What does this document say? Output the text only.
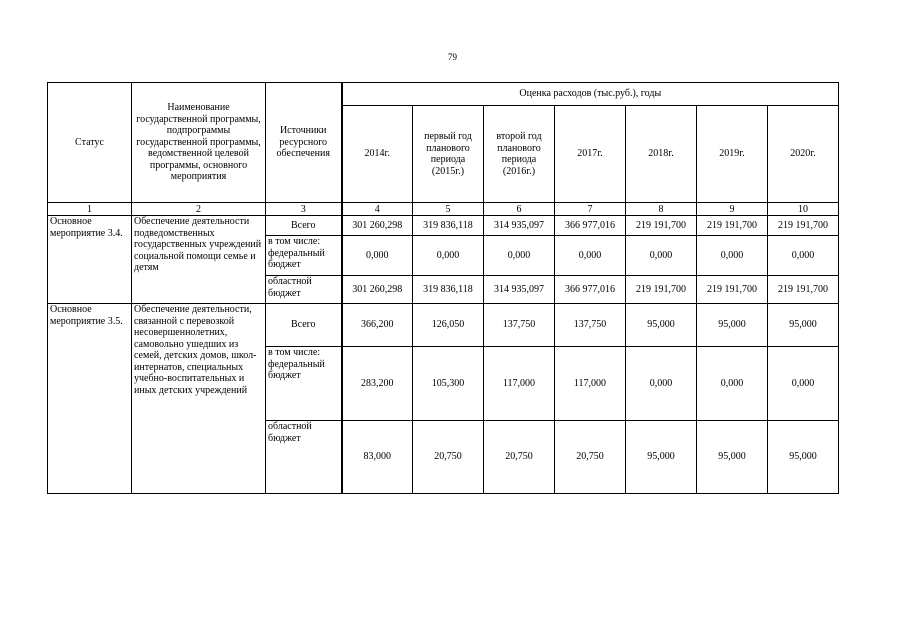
79
Статус	Наименование государственной программы, подпрограммы государственной программы, ведомственной целевой программы, основного мероприятия	Источники ресурсного обеспечения	Оценка расходов (тыс.руб.), годы						
			2014г.	первый год планового периода (2015г.)	второй год планового периода (2016г.)	2017г.	2018г.	2019г.	2020г.
1	2	3	4	5	6	7	8	9	10
Основное мероприятие 3.4.	Обеспечение деятельности подведомственных государственных учреждений социальной помощи семье и детям	Всего	301 260,298	319 836,118	314 935,097	366 977,016	219 191,700	219 191,700	219 191,700
		в том числе: федеральный бюджет	0,000	0,000	0,000	0,000	0,000	0,000	0,000
		областной бюджет	301 260,298	319 836,118	314 935,097	366 977,016	219 191,700	219 191,700	219 191,700
Основное мероприятие 3.5.	Обеспечение деятельности, связанной с перевозкой несовершеннолетних, самовольно ушедших из семей, детских домов, школ-интернатов, специальных учебно-воспитательных и иных детских учреждений	Всего	366,200	126,050	137,750	137,750	95,000	95,000	95,000
		в том числе: федеральный бюджет	283,200	105,300	117,000	117,000	0,000	0,000	0,000
		областной бюджет	83,000	20,750	20,750	20,750	95,000	95,000	95,000
